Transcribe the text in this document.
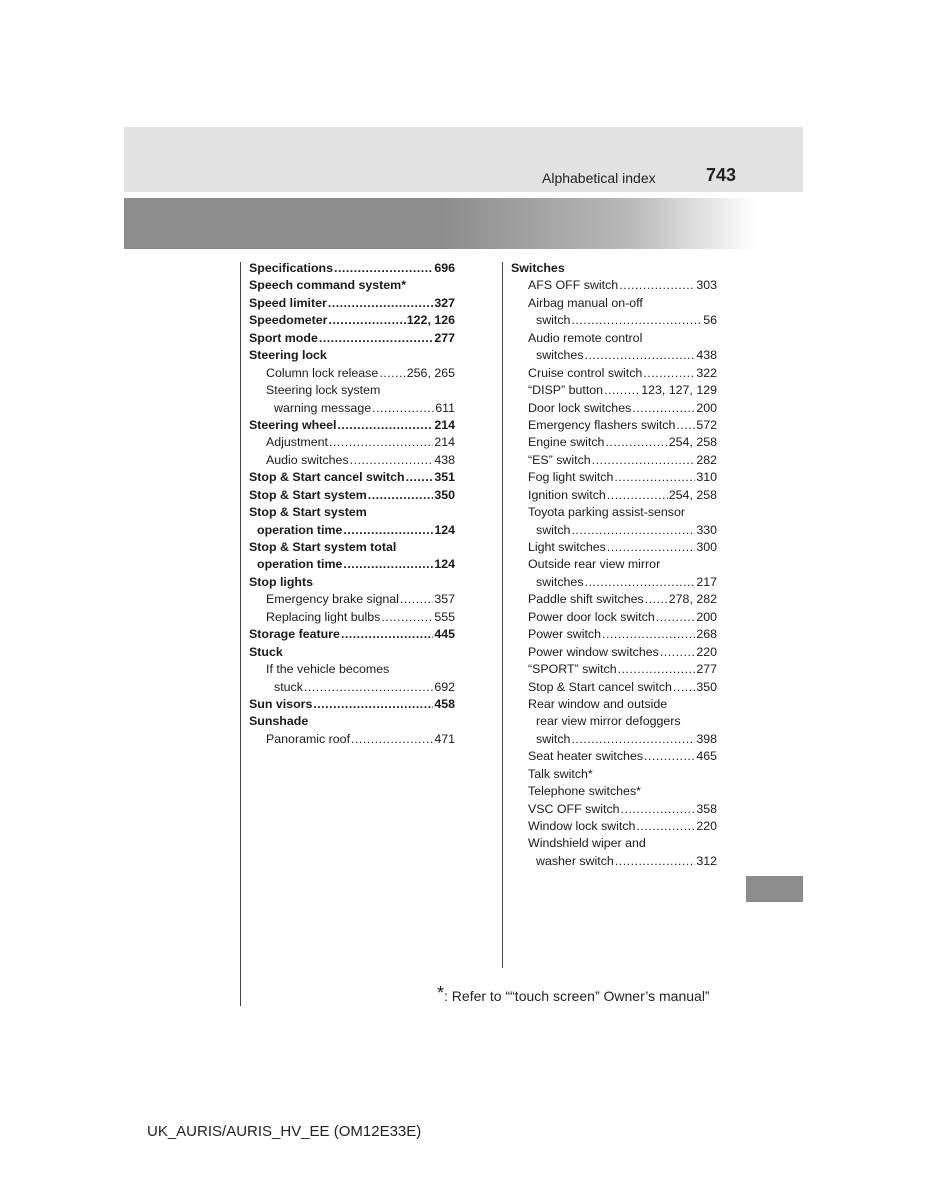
Alphabetical index	743
Specifications .....	696
Speech command system*
Speed limiter .....	327
Speedometer .....	122, 126
Sport mode .....	277
Steering lock
Column lock release ..... 256, 265
Steering lock system
warning message .....	611
Steering wheel .....	214
Adjustment .....	214
Audio switches .....	438
Stop & Start cancel switch ..... 351
Stop & Start system .....	350
Stop & Start system
operation time .....	124
Stop & Start system total
operation time .....	124
Stop lights
Emergency brake signal .....	357
Replacing light bulbs .....	555
Storage feature .....	445
Stuck
If the vehicle becomes
stuck .....	692
Sun visors .....	458
Sunshade
Panoramic roof .....	471
Switches
AFS OFF switch .....	303
Airbag manual on-off
switch .....	56
Audio remote control
switches .....	438
Cruise control switch .....	322
“DISP” button .....	123, 127, 129
Door lock switches .....	200
Emergency flashers switch ..... 572
Engine switch .....	254, 258
“ES” switch .....	282
Fog light switch .....	310
Ignition switch .....	254, 258
Toyota parking assist-sensor
switch .....	330
Light switches .....	300
Outside rear view mirror
switches .....	217
Paddle shift switches ..... 278, 282
Power door lock switch .....	200
Power switch .....	268
Power window switches .....	220
“SPORT” switch .....	277
Stop & Start cancel switch ..... 350
Rear window and outside
rear view mirror defoggers
switch .....	398
Seat heater switches .....	465
Talk switch*
Telephone switches*
VSC OFF switch .....	358
Window lock switch .....	220
Windshield wiper and
washer switch .....	312
*: Refer to ““touch screen” Owner’s manual”
UK_AURIS/AURIS_HV_EE (OM12E33E)
